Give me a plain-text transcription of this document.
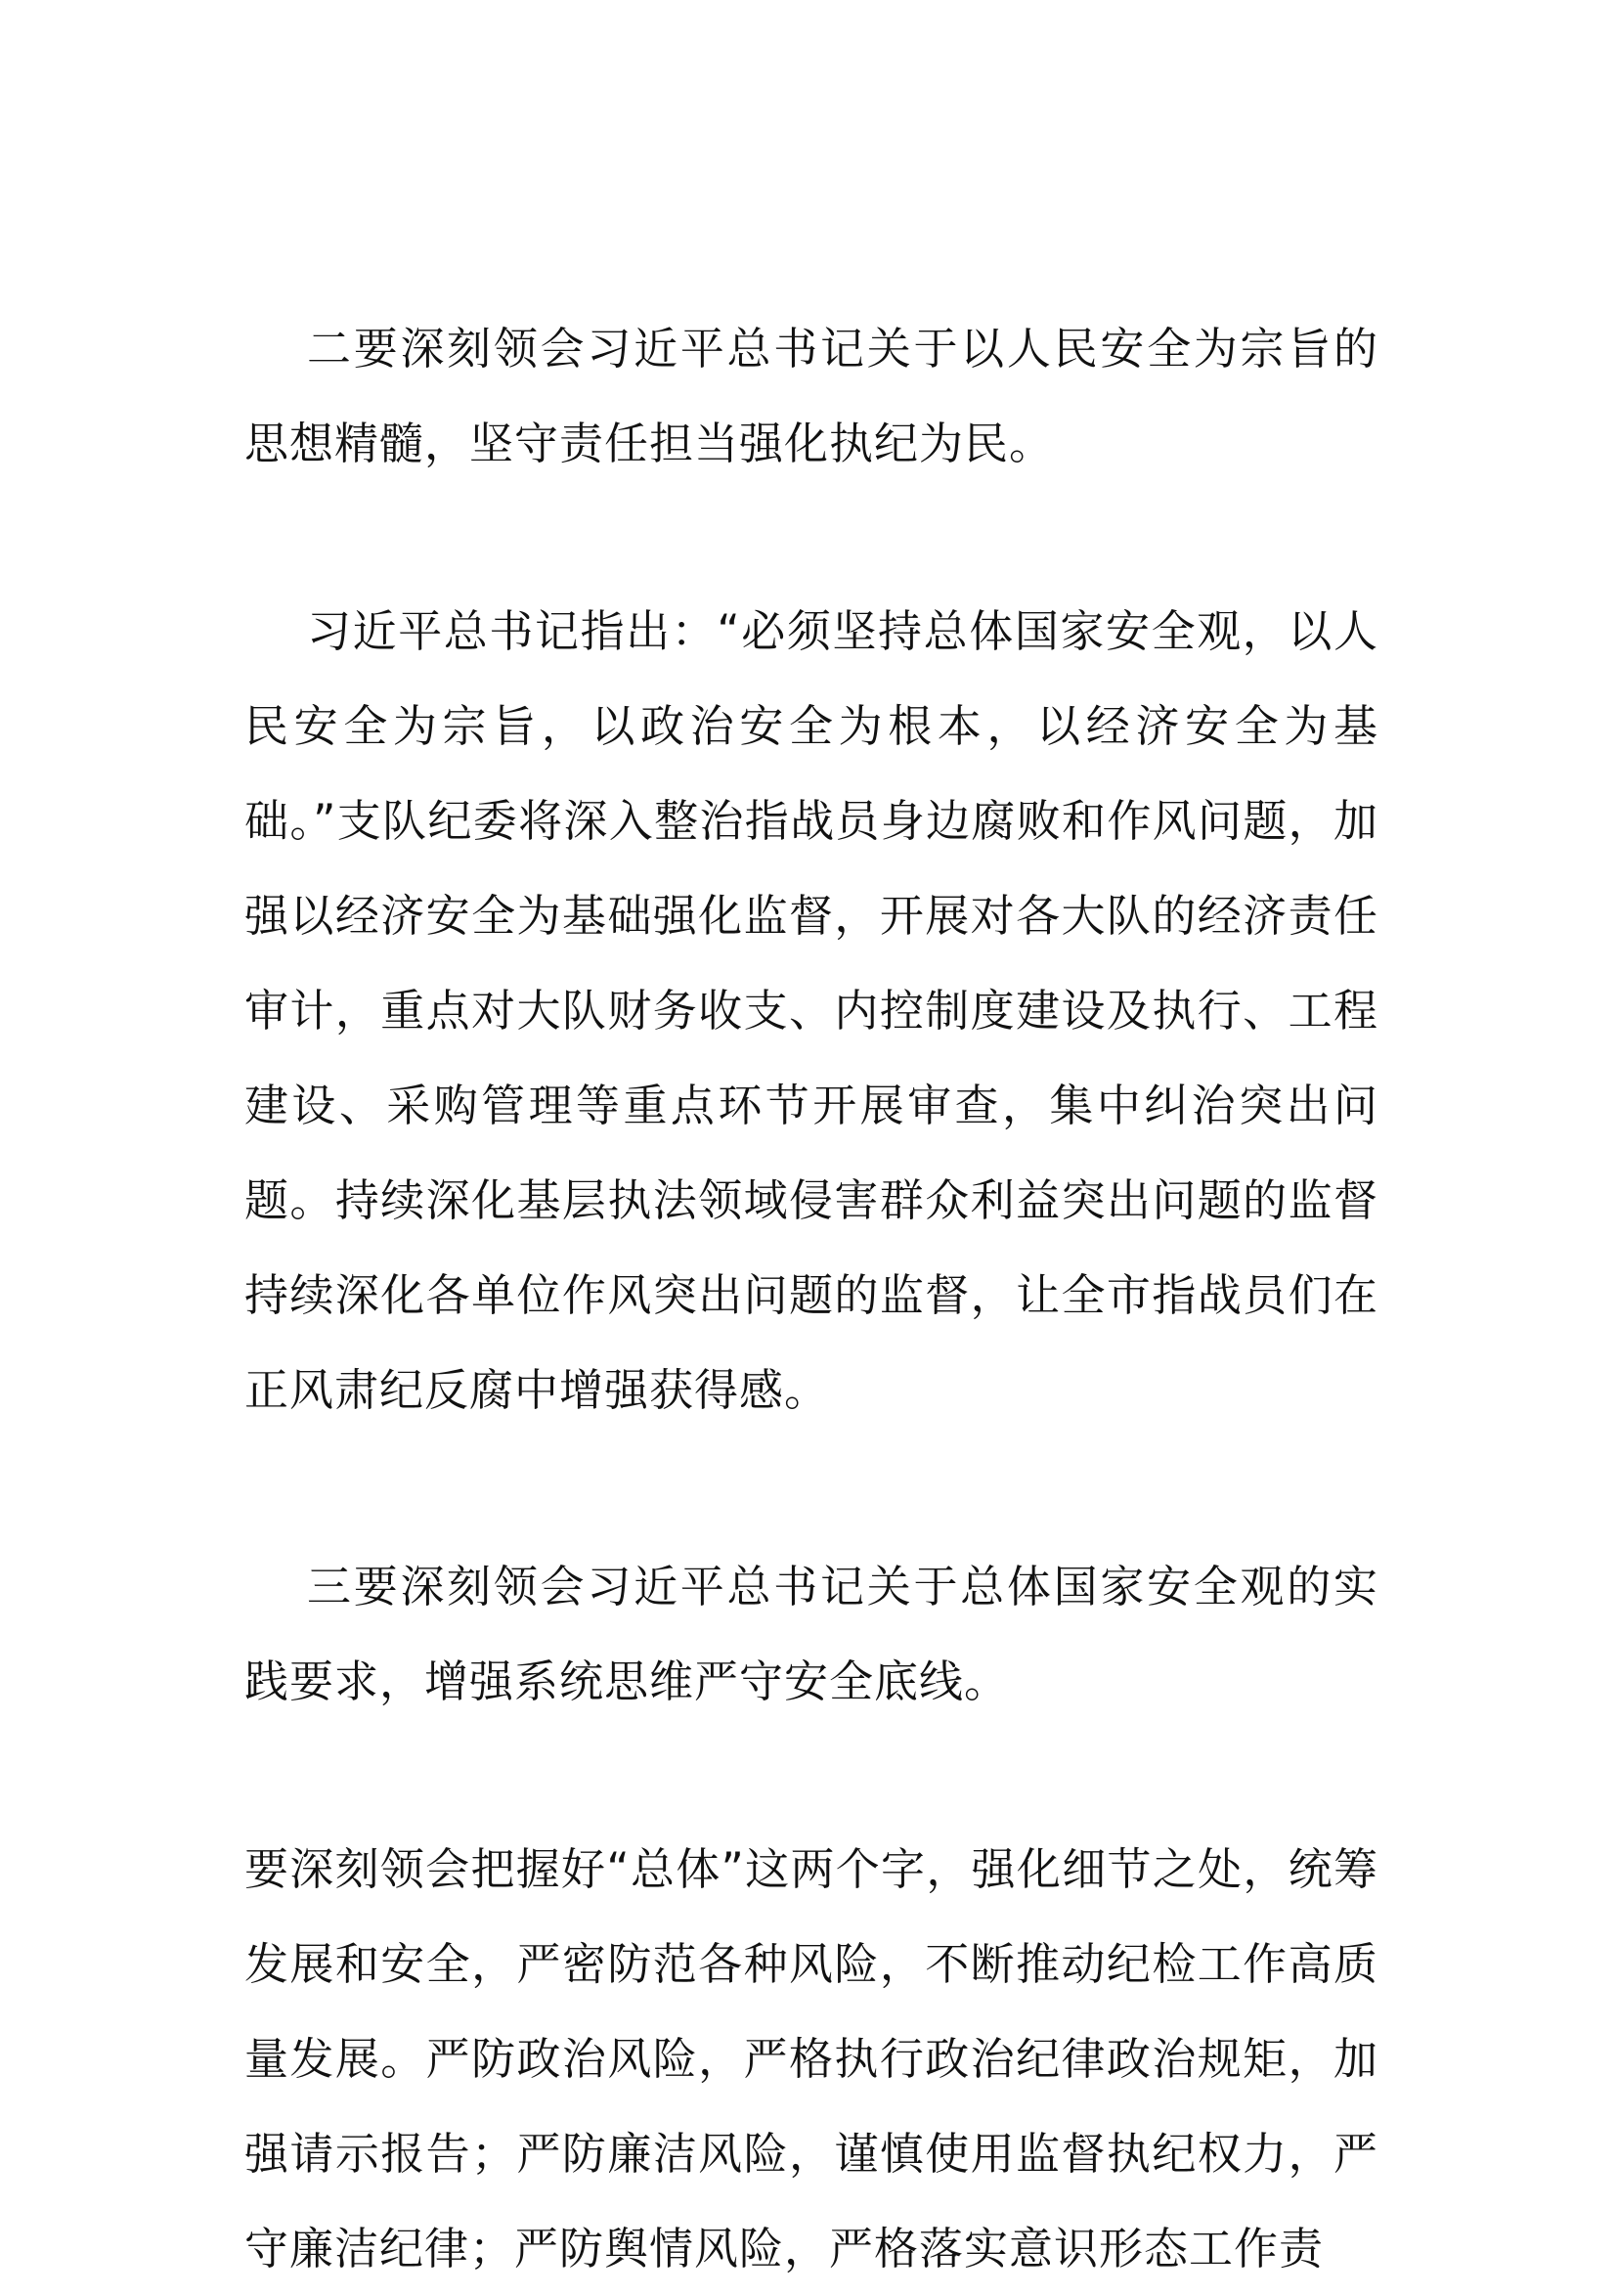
二要深刻领会习近平总书记关于以人民安全为宗旨的思想精髓，坚守责任担当强化执纪为民。

习近平总书记指出：“必须坚持总体国家安全观，以人民安全为宗旨，以政治安全为根本，以经济安全为基础。”支队纪委将深入整治指战员身边腐败和作风问题，加强以经济安全为基础强化监督，开展对各大队的经济责任审计，重点对大队财务收支、内控制度建设及执行、工程建设、采购管理等重点环节开展审查，集中纠治突出问题。持续深化基层执法领域侵害群众利益突出问题的监督持续深化各单位作风突出问题的监督，让全市指战员们在正风肃纪反腐中增强获得感。

三要深刻领会习近平总书记关于总体国家安全观的实践要求，增强系统思维严守安全底线。

要深刻领会把握好“总体”这两个字，强化细节之处，统筹发展和安全，严密防范各种风险，不断推动纪检工作高质量发展。严防政治风险，严格执行政治纪律政治规矩，加强请示报告；严防廉洁风险，谨慎使用监督执纪权力，严守廉洁纪律；严防舆情风险，严格落实意识形态工作责
